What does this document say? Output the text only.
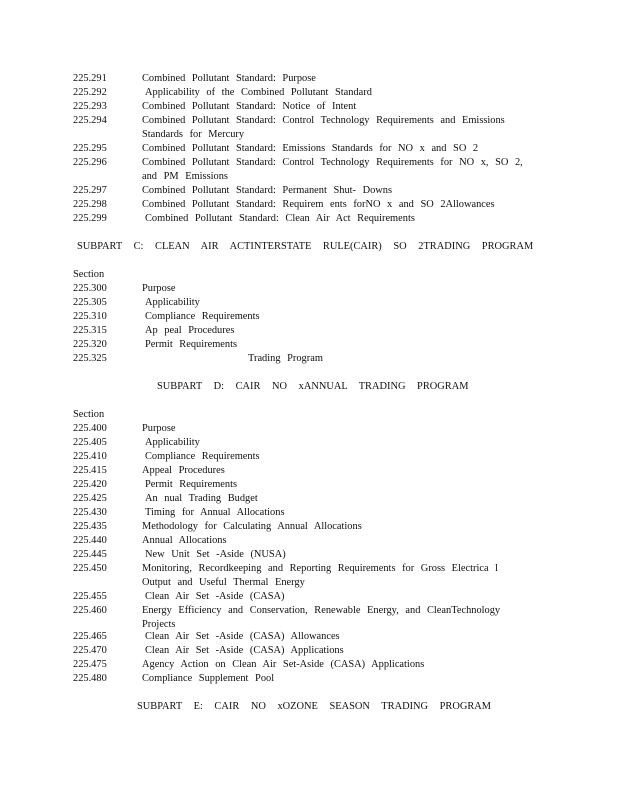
225.291	Combined Pollutant Standard: Purpose
225.292	Applicability of the Combined Pollutant Standard
225.293	Combined Pollutant Standard: Notice of Intent
225.294	Combined Pollutant Standard: Control Technology Requirements and Emissions Standards for Mercury
225.295	Combined Pollutant Standard: Emissions Standards for NO x and SO 2
225.296	Combined Pollutant Standard: Control Technology Requirements for NO x, SO 2, and PM Emissions
225.297	Combined Pollutant Standard: Permanent Shut- Downs
225.298	Combined Pollutant Standard: Requirem ents forNO x and SO 2Allowances
225.299	Combined Pollutant Standard: Clean Air Act Requirements
SUBPART C: CLEAN AIR ACTINTERSTATE RULE(CAIR) SO 2TRADING PROGRAM
Section
225.300	Purpose
225.305	Applicability
225.310	Compliance Requirements
225.315	Ap peal Procedures
225.320	Permit Requirements
225.325	Trading Program
SUBPART D: CAIR NO xANNUAL TRADING PROGRAM
Section
225.400	Purpose
225.405	Applicability
225.410	Compliance Requirements
225.415	Appeal Procedures
225.420	Permit Requirements
225.425	An nual Trading Budget
225.430	Timing for Annual Allocations
225.435	Methodology for Calculating Annual Allocations
225.440	Annual Allocations
225.445	New Unit Set -Aside (NUSA)
225.450	Monitoring, Recordkeeping and Reporting Requirements for Gross Electrica l Output and Useful Thermal Energy
225.455	Clean Air Set -Aside (CASA)
225.460	Energy Efficiency and Conservation, Renewable Energy, and CleanTechnology Projects
225.465	Clean Air Set -Aside (CASA) Allowances
225.470	Clean Air Set -Aside (CASA) Applications
225.475	Agency Action on Clean Air Set-Aside (CASA) Applications
225.480	Compliance Supplement Pool
SUBPART E: CAIR NO xOZONE SEASON TRADING PROGRAM
